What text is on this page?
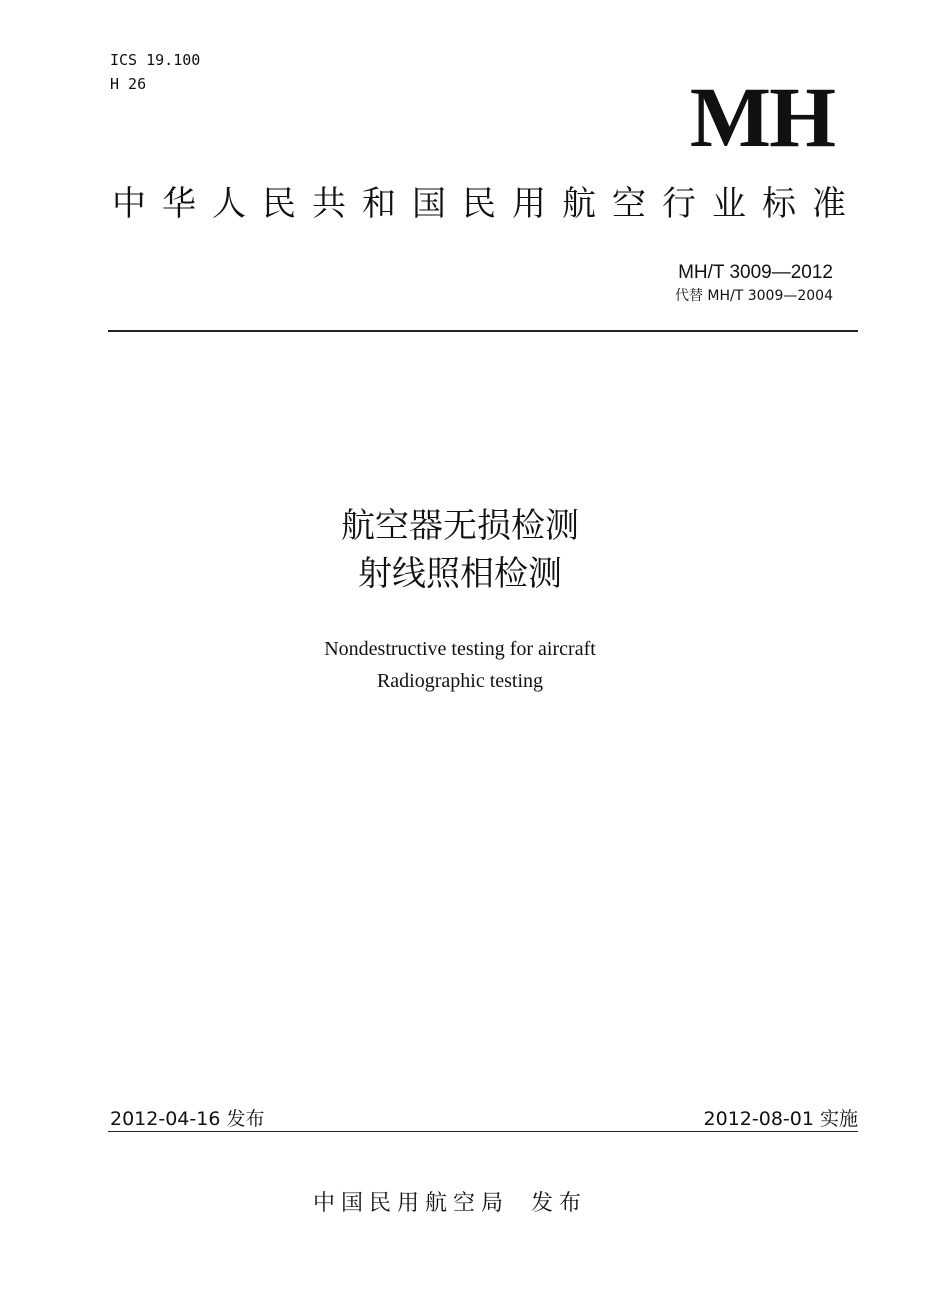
ICS 19.100
H 26	MH
中华人民共和国民用航空行业标准
MH/T 3009—2012
代替 MH/T 3009—2004
航空器无损检测
射线照相检测
Nondestructive testing for aircraft
Radiographic testing
2012-04-16 发布	2012-08-01 实施
中国民用航空局 发布
